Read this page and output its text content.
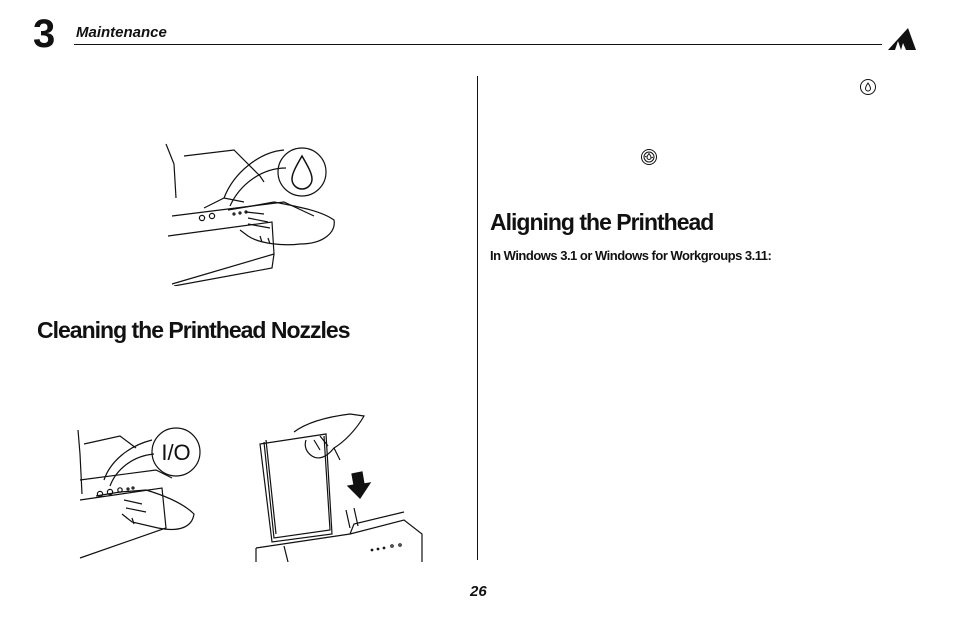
3 Maintenance
Cleaning the Printhead Nozzles
I/O
Aligning the Printhead
In Windows 3.1 or Windows for Workgroups 3.11:
26
